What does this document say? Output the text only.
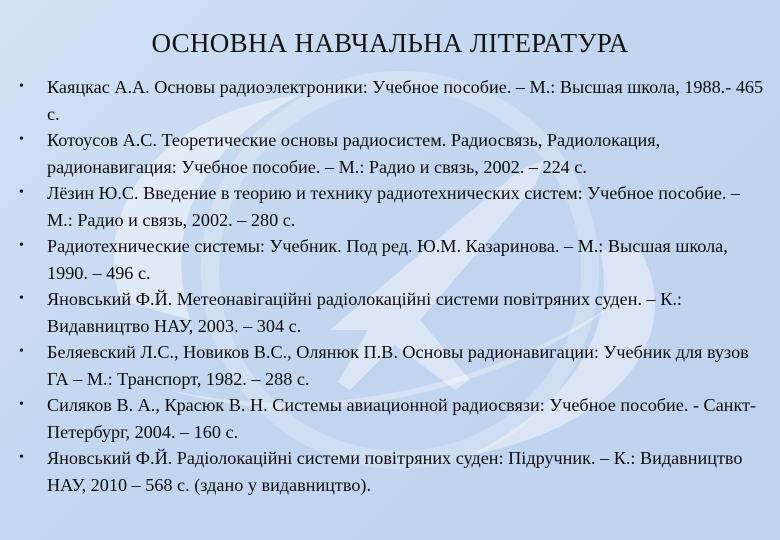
ОСНОВНА НАВЧАЛЬНА ЛІТЕРАТУРА
• Каяцкас А.А. Основы радиоэлектроники: Учебное пособие. – М.: Высшая школа, 1988.- 465 с.
• Котоусов А.С. Теоретические основы радиосистем. Радиосвязь, Радиолокация, радионавигация: Учебное пособие. – М.: Радио и связь, 2002. – 224 с.
• Лёзин Ю.С. Введение в теорию и технику радиотехнических систем: Учебное пособие. – М.: Радио и связь, 2002. – 280 с.
• Радиотехнические системы: Учебник. Под ред. Ю.М. Казаринова. – М.: Высшая школа, 1990. – 496 с.
• Яновський Ф.Й. Метеонавігаційні радіолокаційні системи повітряних суден. – К.: Видавництво НАУ, 2003. – 304 с.
• Беляевский Л.С., Новиков В.С., Олянюк П.В. Основы радионавигации: Учебник для вузов ГА – М.: Транспорт, 1982. – 288 с.
• Силяков В. А., Красюк В. Н. Системы авиационной радиосвязи: Учебное пособие. - Санкт-Петербург, 2004. – 160 с.
• Яновський Ф.Й. Радіолокаційні системи повітряних суден: Підручник. – К.: Видавництво НАУ, 2010 – 568 с. (здано у видавництво).
